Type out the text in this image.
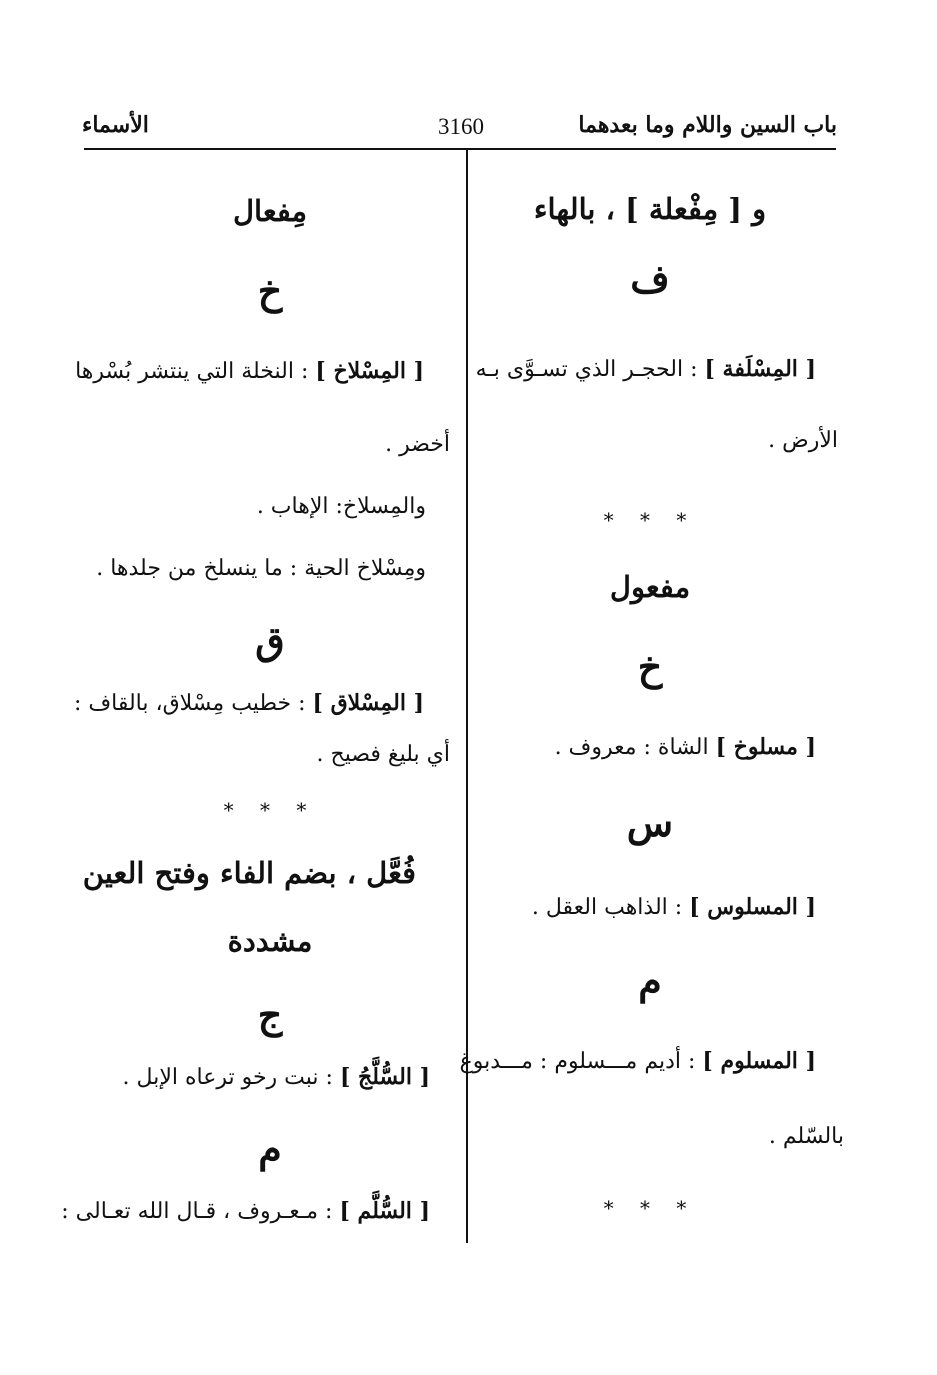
باب السين واللام وما بعدهما
3160
الأسماء
و [ مِفْعلة ] ، بالهاء
ف
[ المِسْلَفة ] : الحجـر الذي تسـوَّى بـه
الأرض .
* * *
مفعول
خ
[ مسلوخ ] الشاة : معروف .
س
[ المسلوس ] : الذاهب العقل .
م
[ المسلوم ] : أديم مـــسلوم : مـــدبوغ
بالسّلم .
* * *
مِفعال
خ
[ المِسْلاخ ] : النخلة التي ينتشر بُسْرها
أخضر .
والمِسلاخ: الإهاب .
ومِسْلاخ الحية : ما ينسلخ من جلدها .
ق
[ المِسْلاق ] : خطيب مِسْلاق، بالقاف :
أي بليغ فصيح .
* * *
فُعَّل ، بضم الفاء وفتح العين
مشددة
ج
[ السُّلَّجُ ] : نبت رخو ترعاه الإبل .
م
[ السُّلَّم ] : مـعـروف ، قـال الله تعـالى :
